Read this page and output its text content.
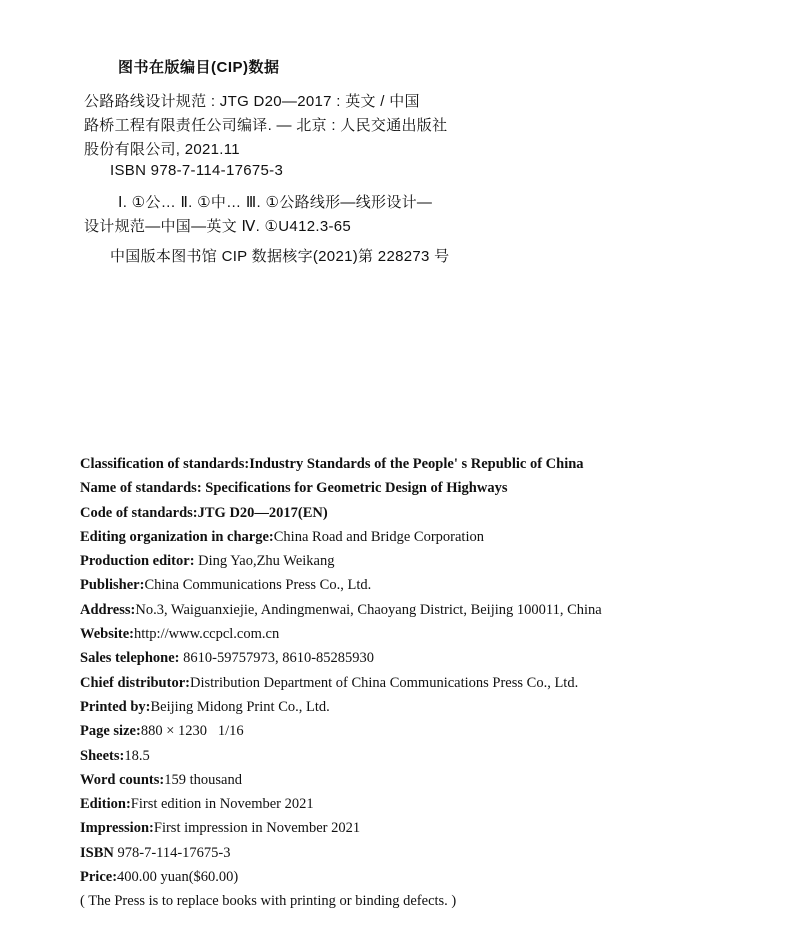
图书在版编目(CIP)数据
公路路线设计规范 : JTG D20—2017 : 英文 / 中国
路桥工程有限责任公司编译. — 北京 : 人民交通出版社
股份有限公司, 2021.11
ISBN 978-7-114-17675-3
Ⅰ. ①公… Ⅱ. ①中… Ⅲ. ①公路线形—线形设计—
设计规范—中国—英文 Ⅳ. ①U412.3-65
中国版本图书馆 CIP 数据核字(2021)第 228273 号
Classification of standards:Industry Standards of the People' s Republic of China
Name of standards: Specifications for Geometric Design of Highways
Code of standards:JTG D20—2017(EN)
Editing organization in charge:China Road and Bridge Corporation
Production editor: Ding Yao,Zhu Weikang
Publisher:China Communications Press Co., Ltd.
Address:No.3, Waiguanxiejie, Andingmenwai, Chaoyang District, Beijing 100011, China
Website:http://www.ccpcl.com.cn
Sales telephone: 8610-59757973, 8610-85285930
Chief distributor:Distribution Department of China Communications Press Co., Ltd.
Printed by:Beijing Midong Print Co., Ltd.
Page size:880 × 1230   1/16
Sheets:18.5
Word counts:159 thousand
Edition:First edition in November 2021
Impression:First impression in November 2021
ISBN 978-7-114-17675-3
Price:400.00 yuan($60.00)
( The Press is to replace books with printing or binding defects. )
